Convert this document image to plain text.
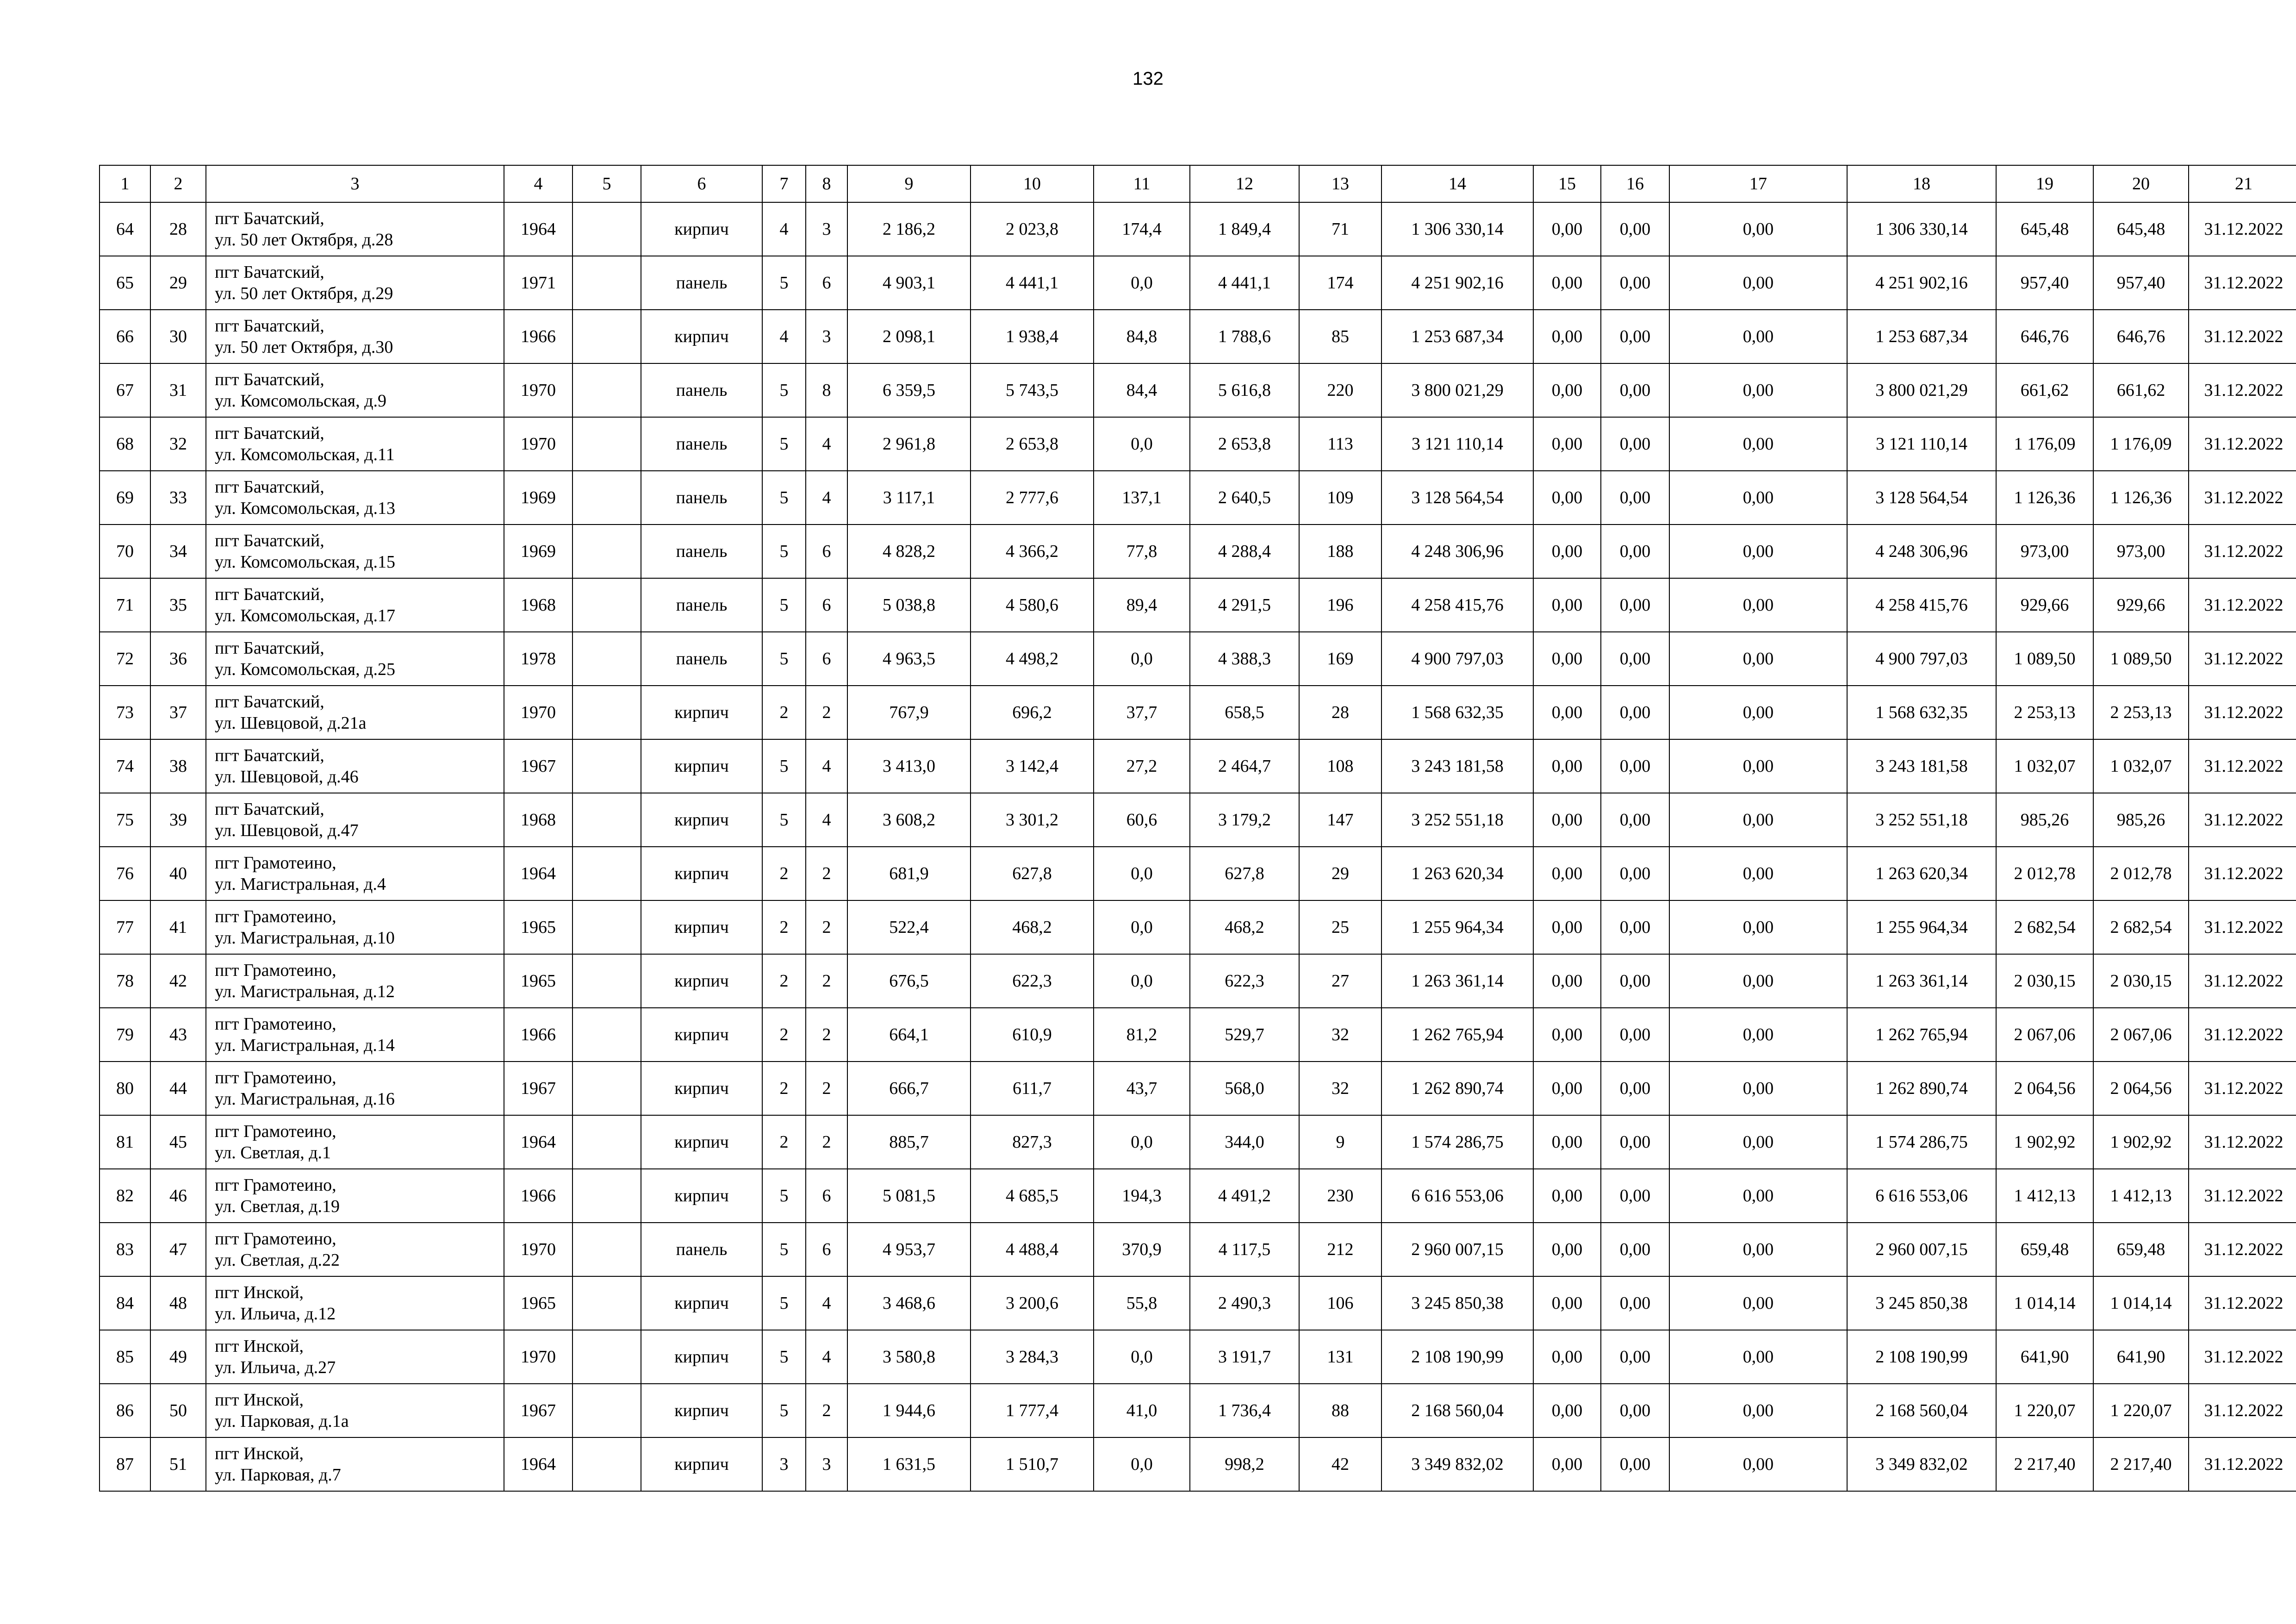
132
1	2	3	4	5	6	7	8	9	10	11	12	13	14	15	16	17	18	19	20	21
64	28	пгт Бачатский,
ул. 50 лет Октября, д.28	1964		кирпич	4	3	2 186,2	2 023,8	174,4	1 849,4	71	1 306 330,14	0,00	0,00	0,00	1 306 330,14	645,48	645,48	31.12.2022
65	29	пгт Бачатский,
ул. 50 лет Октября, д.29	1971		панель	5	6	4 903,1	4 441,1	0,0	4 441,1	174	4 251 902,16	0,00	0,00	0,00	4 251 902,16	957,40	957,40	31.12.2022
66	30	пгт Бачатский,
ул. 50 лет Октября, д.30	1966		кирпич	4	3	2 098,1	1 938,4	84,8	1 788,6	85	1 253 687,34	0,00	0,00	0,00	1 253 687,34	646,76	646,76	31.12.2022
67	31	пгт Бачатский,
ул. Комсомольская, д.9	1970		панель	5	8	6 359,5	5 743,5	84,4	5 616,8	220	3 800 021,29	0,00	0,00	0,00	3 800 021,29	661,62	661,62	31.12.2022
68	32	пгт Бачатский,
ул. Комсомольская, д.11	1970		панель	5	4	2 961,8	2 653,8	0,0	2 653,8	113	3 121 110,14	0,00	0,00	0,00	3 121 110,14	1 176,09	1 176,09	31.12.2022
69	33	пгт Бачатский,
ул. Комсомольская, д.13	1969		панель	5	4	3 117,1	2 777,6	137,1	2 640,5	109	3 128 564,54	0,00	0,00	0,00	3 128 564,54	1 126,36	1 126,36	31.12.2022
70	34	пгт Бачатский,
ул. Комсомольская, д.15	1969		панель	5	6	4 828,2	4 366,2	77,8	4 288,4	188	4 248 306,96	0,00	0,00	0,00	4 248 306,96	973,00	973,00	31.12.2022
71	35	пгт Бачатский,
ул. Комсомольская, д.17	1968		панель	5	6	5 038,8	4 580,6	89,4	4 291,5	196	4 258 415,76	0,00	0,00	0,00	4 258 415,76	929,66	929,66	31.12.2022
72	36	пгт Бачатский,
ул. Комсомольская, д.25	1978		панель	5	6	4 963,5	4 498,2	0,0	4 388,3	169	4 900 797,03	0,00	0,00	0,00	4 900 797,03	1 089,50	1 089,50	31.12.2022
73	37	пгт Бачатский,
ул. Шевцовой, д.21а	1970		кирпич	2	2	767,9	696,2	37,7	658,5	28	1 568 632,35	0,00	0,00	0,00	1 568 632,35	2 253,13	2 253,13	31.12.2022
74	38	пгт Бачатский,
ул. Шевцовой, д.46	1967		кирпич	5	4	3 413,0	3 142,4	27,2	2 464,7	108	3 243 181,58	0,00	0,00	0,00	3 243 181,58	1 032,07	1 032,07	31.12.2022
75	39	пгт Бачатский,
ул. Шевцовой, д.47	1968		кирпич	5	4	3 608,2	3 301,2	60,6	3 179,2	147	3 252 551,18	0,00	0,00	0,00	3 252 551,18	985,26	985,26	31.12.2022
76	40	пгт Грамотеино,
ул. Магистральная, д.4	1964		кирпич	2	2	681,9	627,8	0,0	627,8	29	1 263 620,34	0,00	0,00	0,00	1 263 620,34	2 012,78	2 012,78	31.12.2022
77	41	пгт Грамотеино,
ул. Магистральная, д.10	1965		кирпич	2	2	522,4	468,2	0,0	468,2	25	1 255 964,34	0,00	0,00	0,00	1 255 964,34	2 682,54	2 682,54	31.12.2022
78	42	пгт Грамотеино,
ул. Магистральная, д.12	1965		кирпич	2	2	676,5	622,3	0,0	622,3	27	1 263 361,14	0,00	0,00	0,00	1 263 361,14	2 030,15	2 030,15	31.12.2022
79	43	пгт Грамотеино,
ул. Магистральная, д.14	1966		кирпич	2	2	664,1	610,9	81,2	529,7	32	1 262 765,94	0,00	0,00	0,00	1 262 765,94	2 067,06	2 067,06	31.12.2022
80	44	пгт Грамотеино,
ул. Магистральная, д.16	1967		кирпич	2	2	666,7	611,7	43,7	568,0	32	1 262 890,74	0,00	0,00	0,00	1 262 890,74	2 064,56	2 064,56	31.12.2022
81	45	пгт Грамотеино,
ул. Светлая, д.1	1964		кирпич	2	2	885,7	827,3	0,0	344,0	9	1 574 286,75	0,00	0,00	0,00	1 574 286,75	1 902,92	1 902,92	31.12.2022
82	46	пгт Грамотеино,
ул. Светлая, д.19	1966		кирпич	5	6	5 081,5	4 685,5	194,3	4 491,2	230	6 616 553,06	0,00	0,00	0,00	6 616 553,06	1 412,13	1 412,13	31.12.2022
83	47	пгт Грамотеино,
ул. Светлая, д.22	1970		панель	5	6	4 953,7	4 488,4	370,9	4 117,5	212	2 960 007,15	0,00	0,00	0,00	2 960 007,15	659,48	659,48	31.12.2022
84	48	пгт Инской,
ул. Ильича, д.12	1965		кирпич	5	4	3 468,6	3 200,6	55,8	2 490,3	106	3 245 850,38	0,00	0,00	0,00	3 245 850,38	1 014,14	1 014,14	31.12.2022
85	49	пгт Инской,
ул. Ильича, д.27	1970		кирпич	5	4	3 580,8	3 284,3	0,0	3 191,7	131	2 108 190,99	0,00	0,00	0,00	2 108 190,99	641,90	641,90	31.12.2022
86	50	пгт Инской,
ул. Парковая, д.1а	1967		кирпич	5	2	1 944,6	1 777,4	41,0	1 736,4	88	2 168 560,04	0,00	0,00	0,00	2 168 560,04	1 220,07	1 220,07	31.12.2022
87	51	пгт Инской,
ул. Парковая, д.7	1964		кирпич	3	3	1 631,5	1 510,7	0,0	998,2	42	3 349 832,02	0,00	0,00	0,00	3 349 832,02	2 217,40	2 217,40	31.12.2022
